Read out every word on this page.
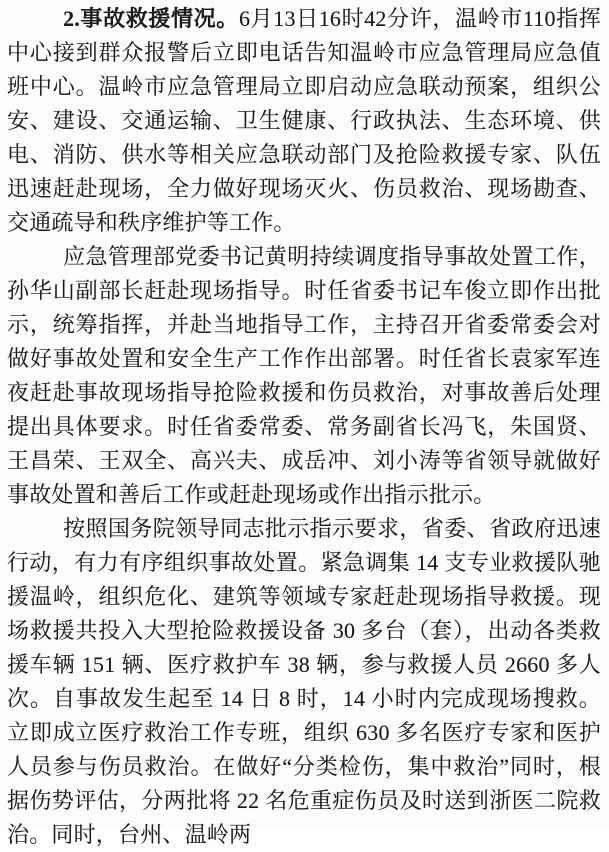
2.事故救援情况。6月13日16时42分许，温岭市110指挥中心接到群众报警后立即电话告知温岭市应急管理局应急值班中心。温岭市应急管理局立即启动应急联动预案，组织公安、建设、交通运输、卫生健康、行政执法、生态环境、供电、消防、供水等相关应急联动部门及抢险救援专家、队伍迅速赶赴现场，全力做好现场灭火、伤员救治、现场勘查、交通疏导和秩序维护等工作。

应急管理部党委书记黄明持续调度指导事故处置工作，孙华山副部长赶赴现场指导。时任省委书记车俊立即作出批示，统筹指挥，并赴当地指导工作，主持召开省委常委会对做好事故处置和安全生产工作作出部署。时任省长袁家军连夜赶赴事故现场指导抢险救援和伤员救治，对事故善后处理提出具体要求。时任省委常委、常务副省长冯飞，朱国贤、王昌荣、王双全、高兴夫、成岳冲、刘小涛等省领导就做好事故处置和善后工作或赶赴现场或作出指示批示。

按照国务院领导同志批示指示要求，省委、省政府迅速行动，有力有序组织事故处置。紧急调集 14 支专业救援队驰援温岭，组织危化、建筑等领域专家赶赴现场指导救援。现场救援共投入大型抢险救援设备 30 多台（套），出动各类救援车辆 151 辆、医疗救护车 38 辆，参与救援人员 2660 多人次。自事故发生起至 14 日 8 时，14 小时内完成现场搜救。立即成立医疗救治工作专班，组织 630 多名医疗专家和医护人员参与伤员救治。在做好“分类检伤，集中救治”同时，根据伤势评估，分两批将 22 名危重症伤员及时送到浙医二院救治。同时，台州、温岭两
